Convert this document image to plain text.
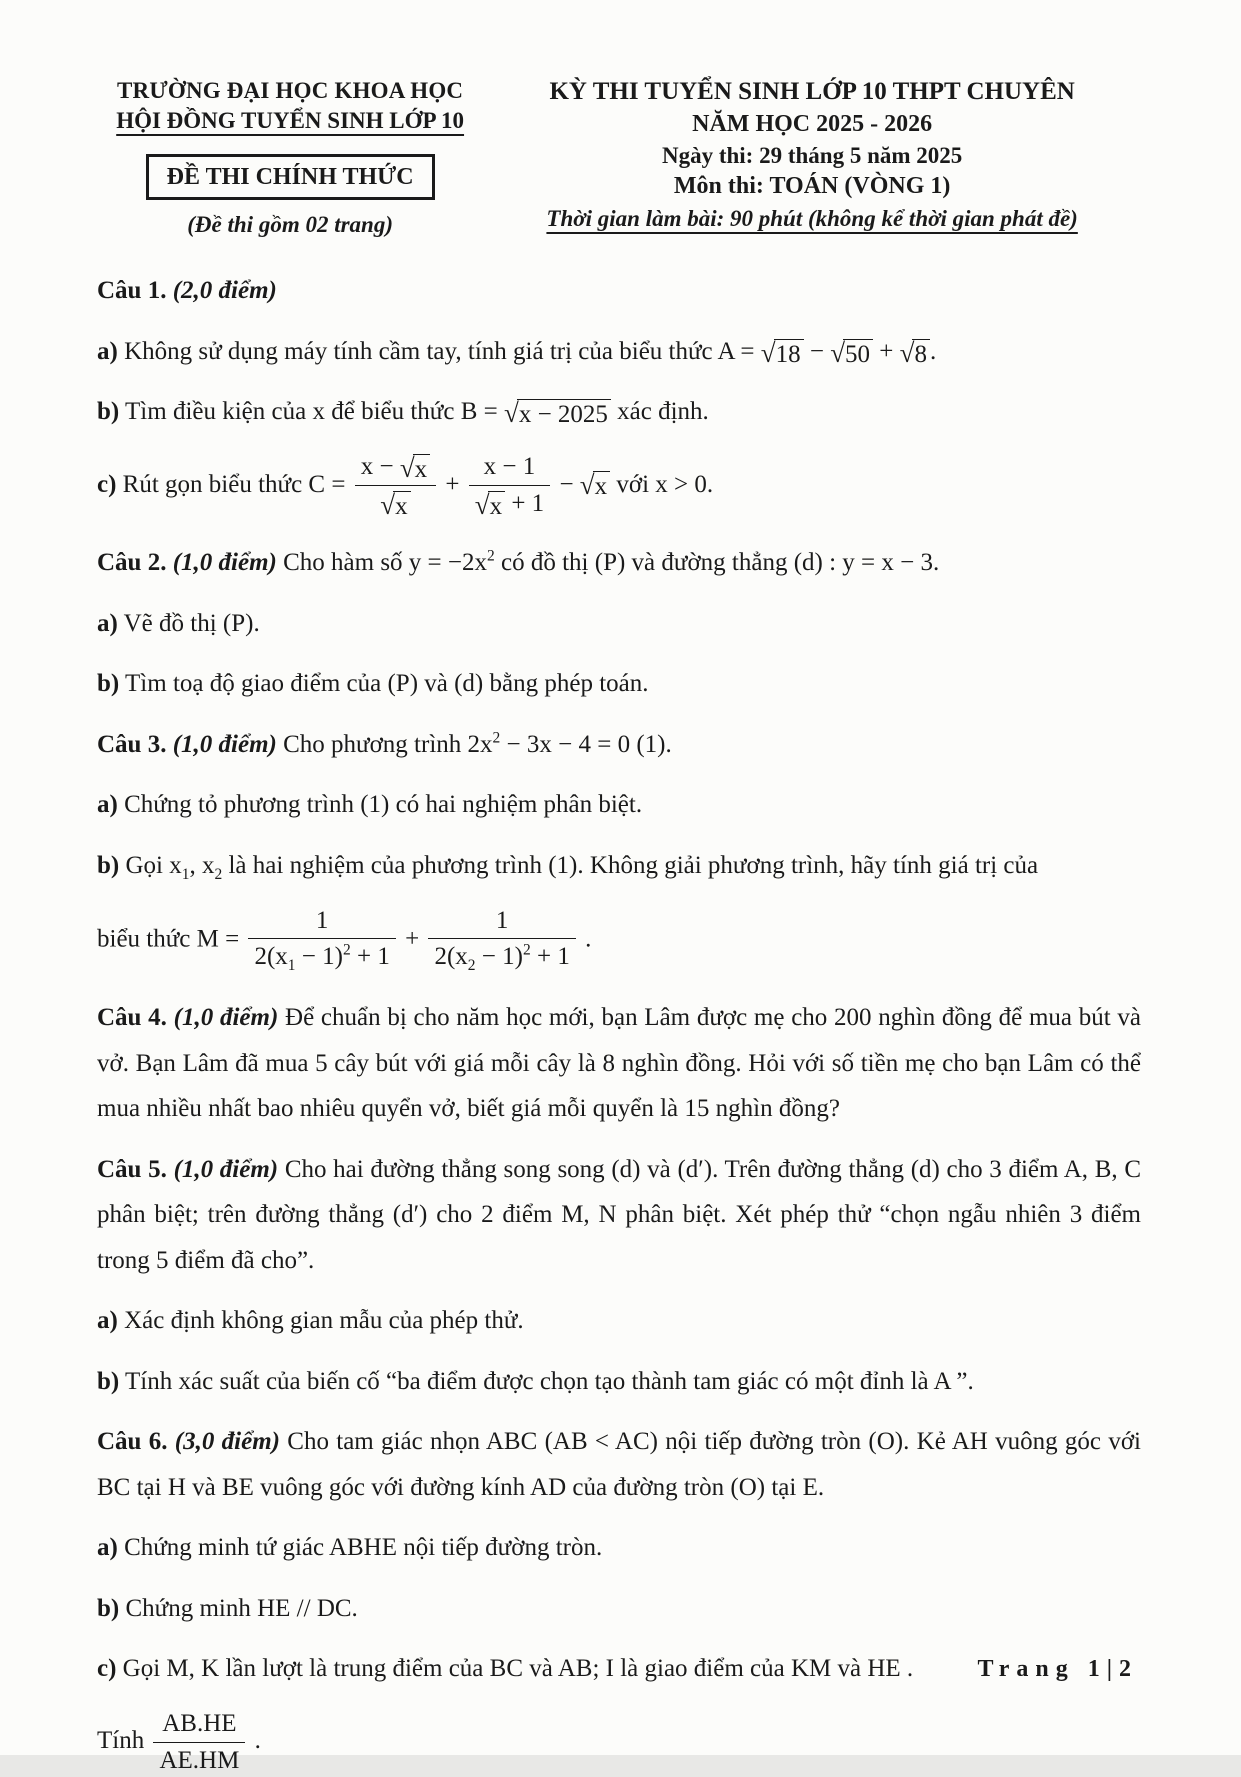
TRƯỜNG ĐẠI HỌC KHOA HỌC
HỘI ĐỒNG TUYỂN SINH LỚP 10
ĐỀ THI CHÍNH THỨC
(Đề thi gồm 02 trang)
KỲ THI TUYỂN SINH LỚP 10 THPT CHUYÊN
NĂM HỌC 2025 - 2026
Ngày thi: 29 tháng 5 năm 2025
Môn thi: TOÁN (VÒNG 1)
Thời gian làm bài: 90 phút (không kể thời gian phát đề)

Câu 1. (2,0 điểm)

a) Không sử dụng máy tính cầm tay, tính giá trị của biểu thức A = √ 18 − √ 50 + √ 8 .

b) Tìm điều kiện của x để biểu thức B = √ x − 2025 xác định.

c) Rút gọn biểu thức $C = \frac{x - √ x}{√ x} + \frac{x - 1}{√ x + 1}$ − √ x với x > 0.

Câu 2. (1,0 điểm) Cho hàm số $y = -2x^2$ có đồ thị (P) và đường thẳng (d) : y = x − 3.

a) Vẽ đồ thị (P).

b) Tìm toạ độ giao điểm của (P) và (d) bằng phép toán.

Câu 3. (1,0 điểm) Cho phương trình $2x^2 - 3x - 4 = 0$ (1).

a) Chứng tỏ phương trình (1) có hai nghiệm phân biệt.

b) Gọi $x_1$, $x_2$ là hai nghiệm của phương trình (1). Không giải phương trình, hãy tính giá trị của

biểu thức $M = \frac{1}{2(x_1 - 1)^2 + 1} + \frac{1}{2(x_2 - 1)^2 + 1}$ .

Câu 4. (1,0 điểm) Để chuẩn bị cho năm học mới, bạn Lâm được mẹ cho 200 nghìn đồng để mua bút và vở. Bạn Lâm đã mua 5 cây bút với giá mỗi cây là 8 nghìn đồng. Hỏi với số tiền mẹ cho bạn Lâm có thể mua nhiều nhất bao nhiêu quyển vở, biết giá mỗi quyển là 15 nghìn đồng?

Câu 5. (1,0 điểm) Cho hai đường thẳng song song (d) và (d′). Trên đường thẳng (d) cho 3 điểm A, B, C phân biệt; trên đường thẳng (d′) cho 2 điểm M, N phân biệt. Xét phép thử “chọn ngẫu nhiên 3 điểm trong 5 điểm đã cho”.

a) Xác định không gian mẫu của phép thử.

b) Tính xác suất của biến cố “ba điểm được chọn tạo thành tam giác có một đỉnh là A ”.

Câu 6. (3,0 điểm) Cho tam giác nhọn ABC (AB < AC) nội tiếp đường tròn (O). Kẻ AH vuông góc với BC tại H và BE vuông góc với đường kính AD của đường tròn (O) tại E.

a) Chứng minh tứ giác ABHE nội tiếp đường tròn.

b) Chứng minh HE // DC.

c) Gọi M, K lần lượt là trung điểm của BC và AB; I là giao điểm của KM và HE .

Tính $\frac{AB.HE}{AE.HM}$ .

Trang 1|2
